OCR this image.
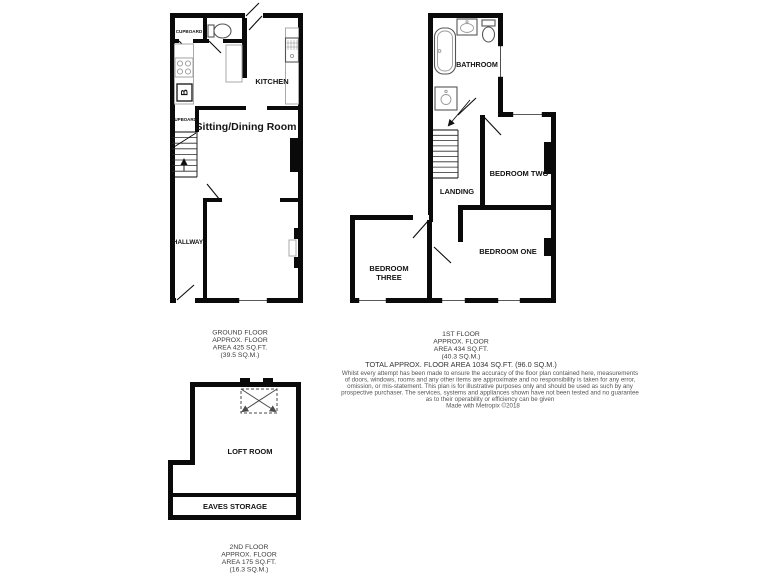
B
CUPBOARD
KITCHEN
Sitting/Dining Room
CUPBOARD
HALLWAY
GROUND FLOOR
APPROX. FLOOR
AREA 425 SQ.FT.
(39.5 SQ.M.)
BATHROOM
LANDING
BEDROOM TWO
BEDROOM ONE
BEDROOM
THREE
1ST FLOOR
APPROX. FLOOR
AREA 434 SQ.FT.
(40.3 SQ.M.)
TOTAL APPROX. FLOOR AREA 1034 SQ.FT. (96.0 SQ.M.)
Whilst every attempt has been made to ensure the accuracy of the floor plan contained here, measurements
of doors, windows, rooms and any other items are approximate and no responsibility is taken for any error,
omission, or mis-statement. This plan is for illustrative purposes only and should be used as such by any
prospective purchaser. The services, systems and appliances shown have not been tested and no guarantee
as to their operability or efficiency can be given
Made with Metropix ©2018
LOFT ROOM
EAVES STORAGE
2ND FLOOR
APPROX. FLOOR
AREA 175 SQ.FT.
(16.3 SQ.M.)
